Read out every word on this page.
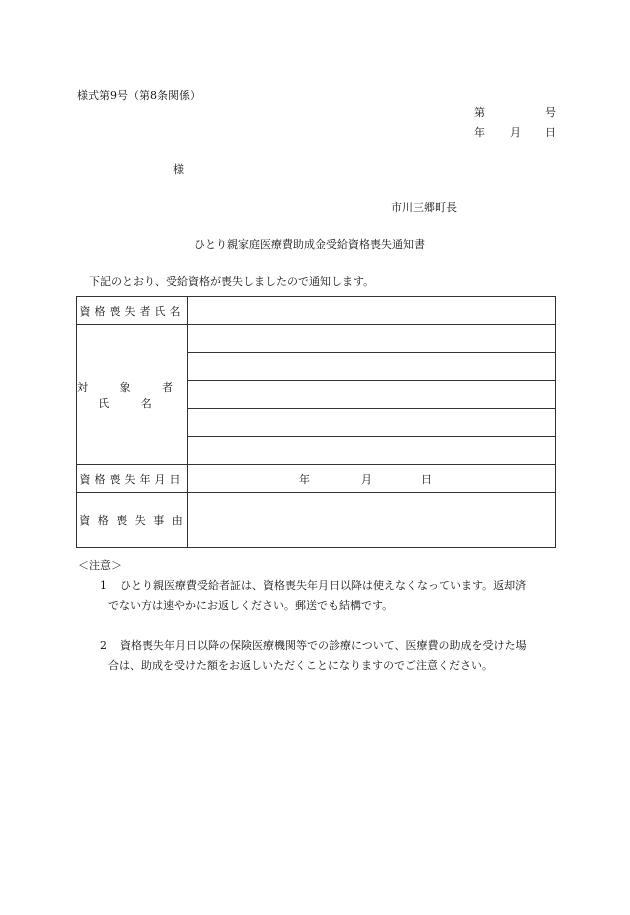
様式第9号（第8条関係）
第	号
年 月 日
様
市川三郷町長
ひとり親家庭医療費助成金受給資格喪失通知書
下記のとおり、受給資格が喪失しましたので通知します。
資格喪失者氏名	
対 象 者 氏 名	

資格喪失年月日	年 月 日

資 格 喪 失 事 由	
＜注意＞
1 ひとり親医療費受給者証は、資格喪失年月日以降は使えなくなっています。返却済
でない方は速やかにお返しください。郵送でも結構です。
2 資格喪失年月日以降の保険医療機関等での診療について、医療費の助成を受けた場
合は、助成を受けた額をお返しいただくことになりますのでご注意ください。
